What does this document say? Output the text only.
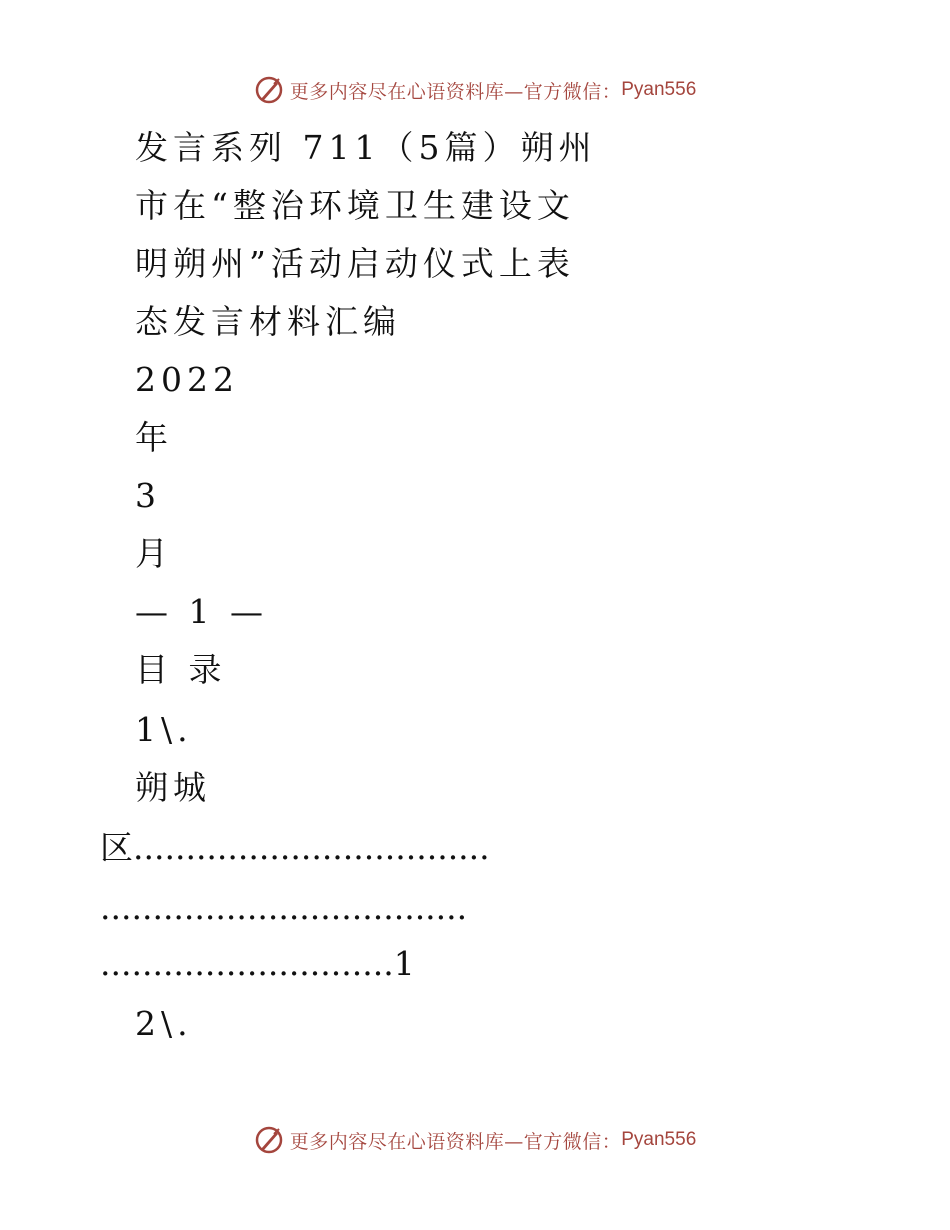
更多内容尽在心语资料库—官方微信： Pyan556
发言系列 711（5篇）朔州
市在“整治环境卫生建设文
明朔州”活动启动仪式上表
态发言材料汇编
2022
年
3
月
— 1 —
目 录
1\.
朔城
区..................................
...................................
............................1
2\.
更多内容尽在心语资料库—官方微信： Pyan556
